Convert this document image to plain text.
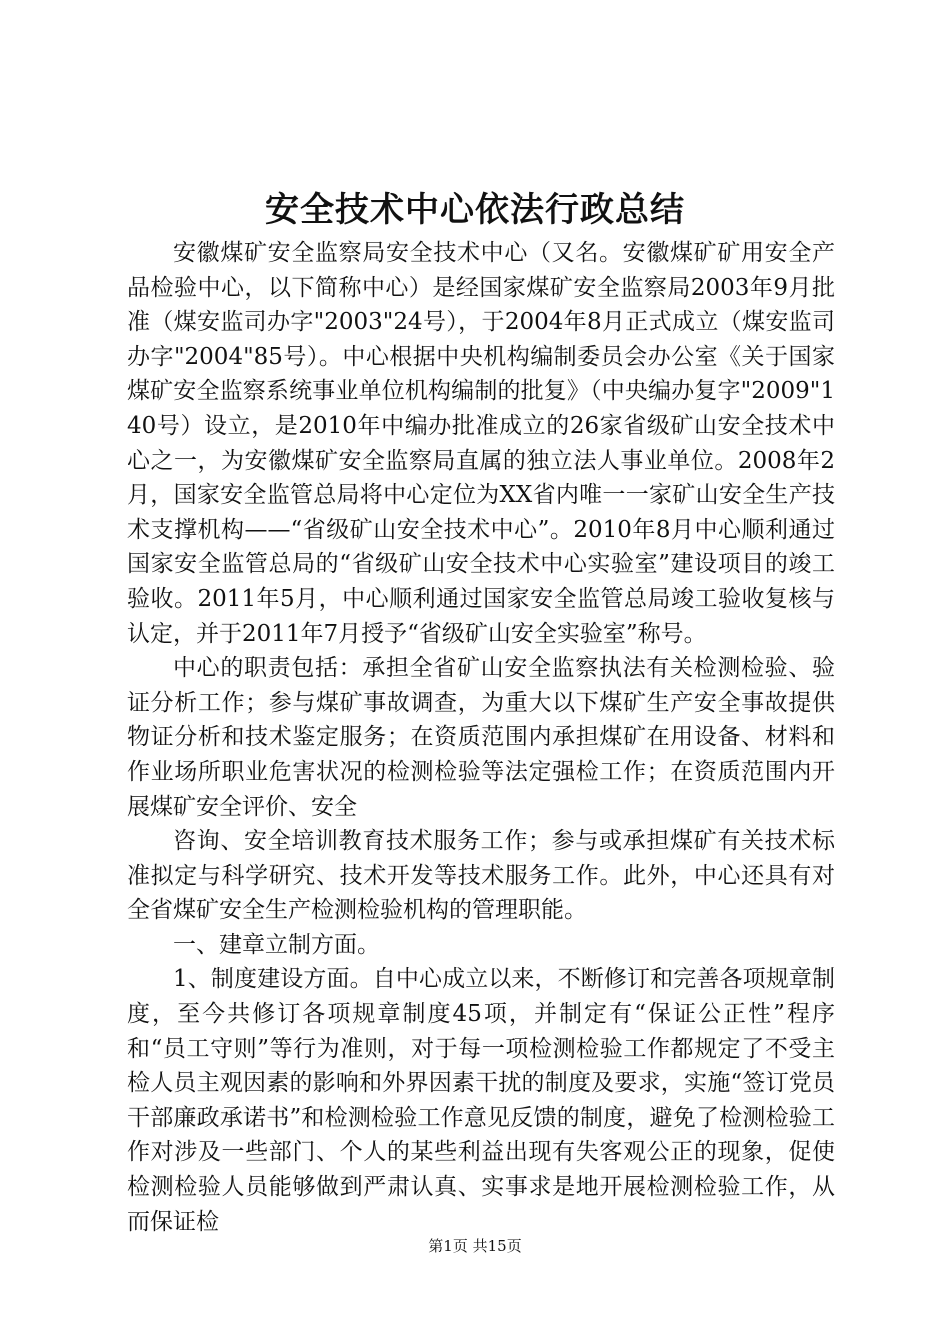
安全技术中心依法行政总结

安徽煤矿安全监察局安全技术中心（又名。安徽煤矿矿用安全产品检验中心，以下简称中心）是经国家煤矿安全监察局2003年9月批准（煤安监司办字"2003"24号），于2004年8月正式成立（煤安监司办字"2004"85号）。中心根据中央机构编制委员会办公室《关于国家煤矿安全监察系统事业单位机构编制的批复》（中央编办复字"2009"140号）设立，是2010年中编办批准成立的26家省级矿山安全技术中心之一，为安徽煤矿安全监察局直属的独立法人事业单位。2008年2月，国家安全监管总局将中心定位为XX省内唯一一家矿山安全生产技术支撑机构——“省级矿山安全技术中心”。2010年8月中心顺利通过国家安全监管总局的“省级矿山安全技术中心实验室”建设项目的竣工验收。2011年5月，中心顺利通过国家安全监管总局竣工验收复核与认定，并于2011年7月授予“省级矿山安全实验室”称号。

中心的职责包括：承担全省矿山安全监察执法有关检测检验、验证分析工作；参与煤矿事故调查，为重大以下煤矿生产安全事故提供物证分析和技术鉴定服务；在资质范围内承担煤矿在用设备、材料和作业场所职业危害状况的检测检验等法定强检工作；在资质范围内开展煤矿安全评价、安全

咨询、安全培训教育技术服务工作；参与或承担煤矿有关技术标准拟定与科学研究、技术开发等技术服务工作。此外，中心还具有对全省煤矿安全生产检测检验机构的管理职能。

一、建章立制方面。

1、制度建设方面。自中心成立以来，不断修订和完善各项规章制度，至今共修订各项规章制度45项，并制定有“保证公正性”程序和“员工守则”等行为准则，对于每一项检测检验工作都规定了不受主检人员主观因素的影响和外界因素干扰的制度及要求，实施“签订党员干部廉政承诺书”和检测检验工作意见反馈的制度，避免了检测检验工作对涉及一些部门、个人的某些利益出现有失客观公正的现象，促使检测检验人员能够做到严肃认真、实事求是地开展检测检验工作，从而保证检

第1页 共15页
